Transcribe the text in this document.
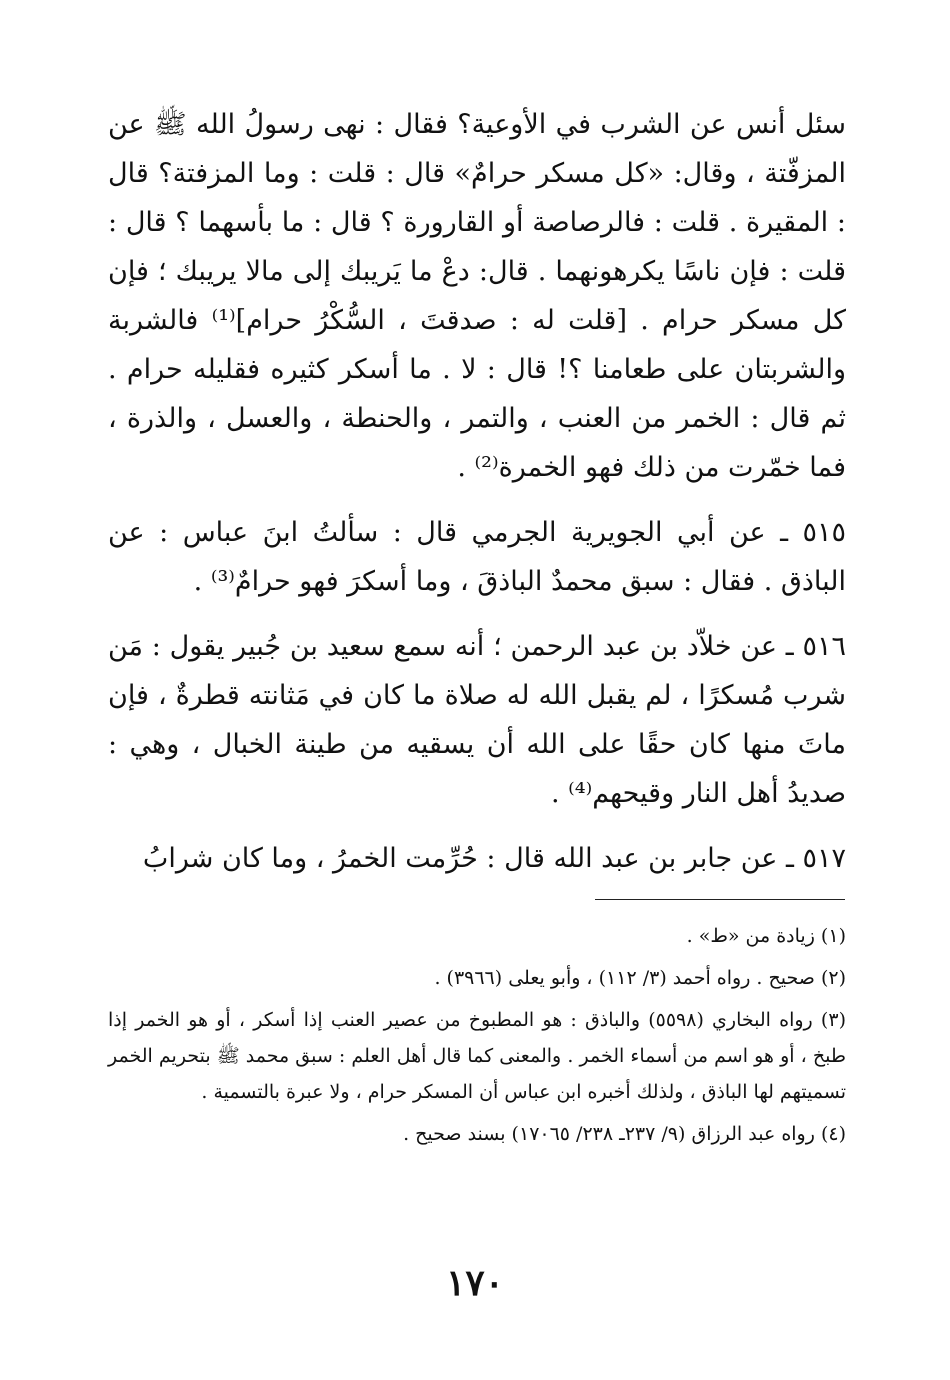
سئل أنس عن الشرب في الأوعية؟ فقال : نهى رسولُ الله ﷺ عن المزفّتة ، وقال: «كل مسكر حرامٌ» قال : قلت : وما المزفتة؟ قال : المقيرة . قلت : فالرصاصة أو القارورة ؟ قال : ما بأسهما ؟ قال : قلت : فإن ناسًا يكرهونهما . قال: دعْ ما يَريبك إلى مالا يريبك ؛ فإن كل مسكر حرام . [قلت له : صدقتَ ، السُّكْرُ حرام]⁽¹⁾ فالشربة والشربتان على طعامنا ؟! قال : لا . ما أسكر كثيره فقليله حرام . ثم قال : الخمر من العنب ، والتمر ، والحنطة ، والعسل ، والذرة ، فما خمّرت من ذلك فهو الخمرة⁽²⁾ .

٥١٥ ـ عن أبي الجويرية الجرمي قال : سألتُ ابنَ عباس : عن الباذق . فقال : سبق محمدٌ الباذقَ ، وما أسكرَ فهو حرامٌ⁽³⁾ .

٥١٦ ـ عن خلاّد بن عبد الرحمن ؛ أنه سمع سعيد بن جُبير يقول : مَن شرب مُسكرًا ، لم يقبل الله له صلاة ما كان في مَثانته قطرةٌ ، فإن ماتَ منها كان حقًا على الله أن يسقيه من طينة الخبال ، وهي : صديدُ أهل النار وقيحهم⁽⁴⁾ .

٥١٧ ـ عن جابر بن عبد الله قال : حُرِّمت الخمرُ ، وما كان شرابُ

(١) زيادة من «ط» .

(٢) صحيح . رواه أحمد (٣/ ١١٢) ، وأبو يعلى (٣٩٦٦) .

(٣) رواه البخاري (٥٥٩٨) والباذق : هو المطبوخ من عصير العنب إذا أسكر ، أو هو الخمر إذا طبخ ، أو هو اسم من أسماء الخمر . والمعنى كما قال أهل العلم : سبق محمد ﷺ بتحريم الخمر تسميتهم لها الباذق ، ولذلك أخبره ابن عباس أن المسكر حرام ، ولا عبرة بالتسمية .

(٤) رواه عبد الرزاق (٩/ ٢٣٧ـ ٢٣٨/ ١٧٠٦٥) بسند صحيح .

١٧٠
